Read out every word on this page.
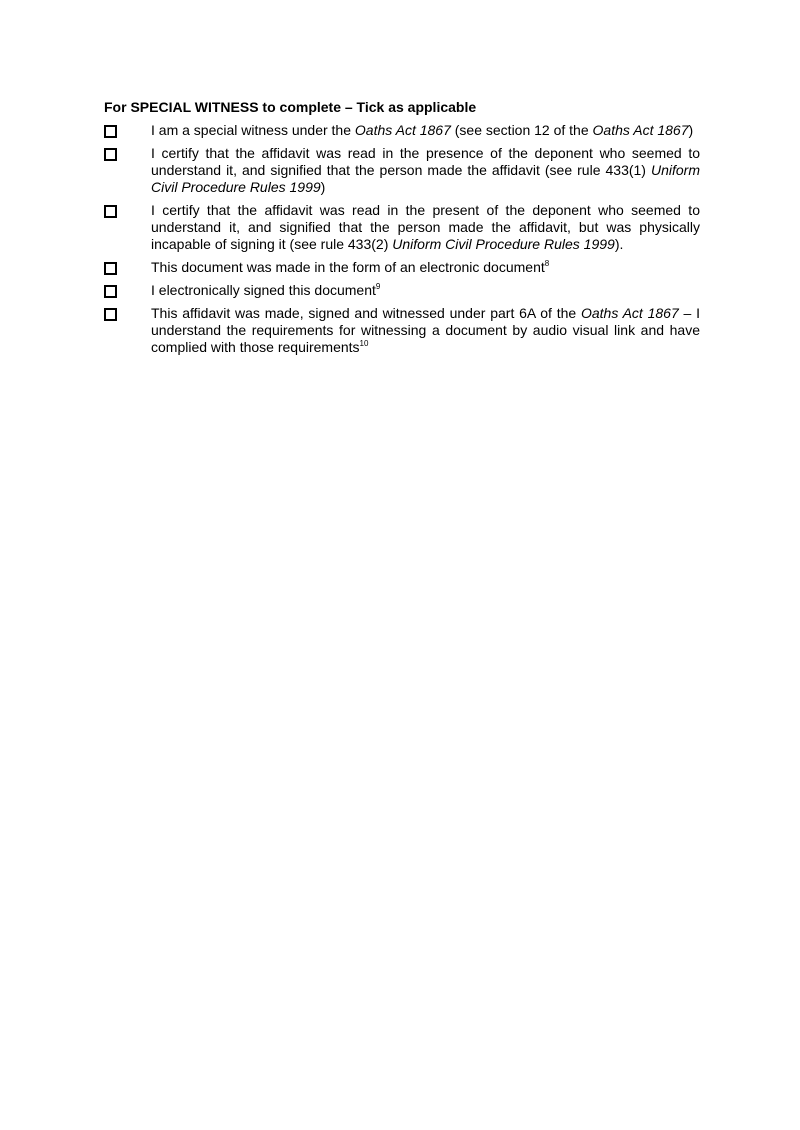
For SPECIAL WITNESS to complete – Tick as applicable
I am a special witness under the Oaths Act 1867 (see section 12 of the Oaths Act 1867)
I certify that the affidavit was read in the presence of the deponent who seemed to understand it, and signified that the person made the affidavit (see rule 433(1) Uniform Civil Procedure Rules 1999)
I certify that the affidavit was read in the present of the deponent who seemed to understand it, and signified that the person made the affidavit, but was physically incapable of signing it (see rule 433(2) Uniform Civil Procedure Rules 1999).
This document was made in the form of an electronic document$^8$
I electronically signed this document$^9$
This affidavit was made, signed and witnessed under part 6A of the Oaths Act 1867 – I understand the requirements for witnessing a document by audio visual link and have complied with those requirements$^{10}$
